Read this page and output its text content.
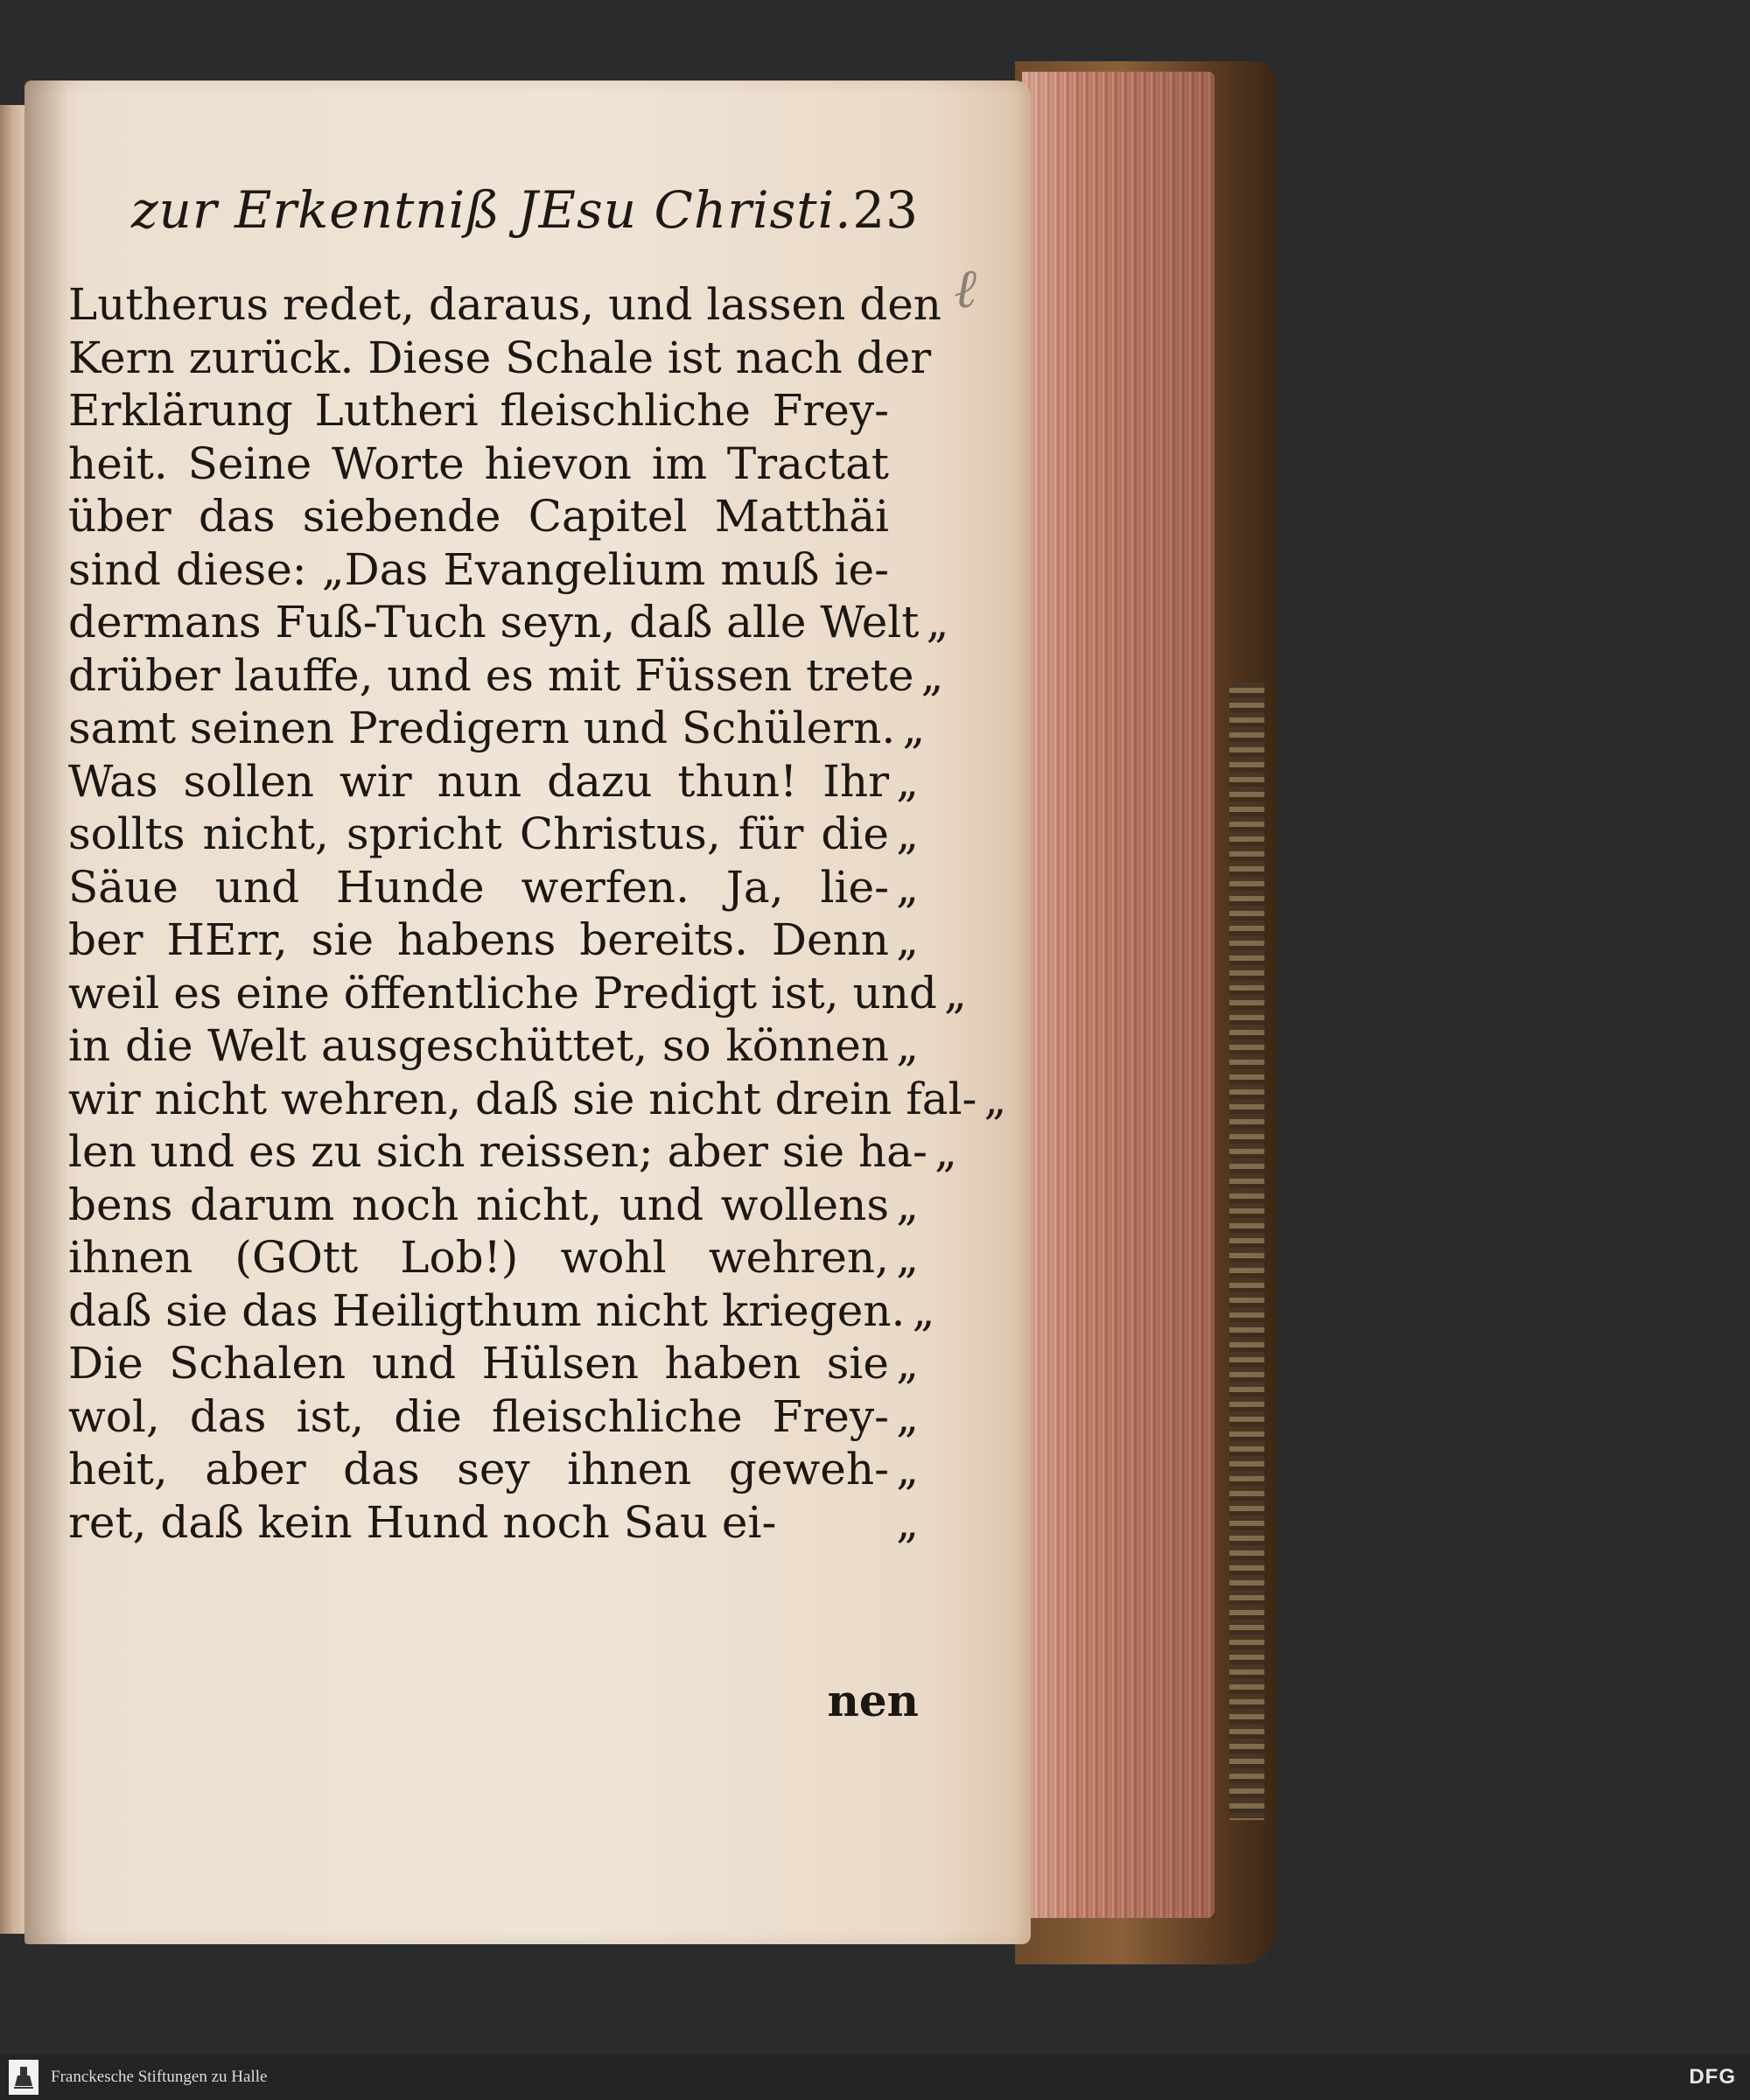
zur Erkentniß JEsu Christi. 23
ℓ
Lutherus redet, daraus, und lassen den
Kern zurück. Diese Schale ist nach der
Erklärung Lutheri fleischliche Frey-
heit. Seine Worte hievon im Tractat
über das siebende Capitel Matthäi
sind diese: „Das Evangelium muß ie-
dermans Fuß-Tuch seyn, daß alle Welt „
drüber lauffe, und es mit Füssen trete „
samt seinen Predigern und Schülern. „
Was sollen wir nun dazu thun! Ihr „
sollts nicht, spricht Christus, für die „
Säue und Hunde werfen. Ja, lie- „
ber HErr, sie habens bereits. Denn „
weil es eine öffentliche Predigt ist, und „
in die Welt ausgeschüttet, so können „
wir nicht wehren, daß sie nicht drein fal- „
len und es zu sich reissen; aber sie ha- „
bens darum noch nicht, und wollens „
ihnen (GOtt Lob!) wohl wehren, „
daß sie das Heiligthum nicht kriegen. „
Die Schalen und Hülsen haben sie „
wol, das ist, die fleischliche Frey- „
heit, aber das sey ihnen geweh- „
ret, daß kein Hund noch Sau ei-	„
nen
Franckesche Stiftungen zu Halle	DFG
